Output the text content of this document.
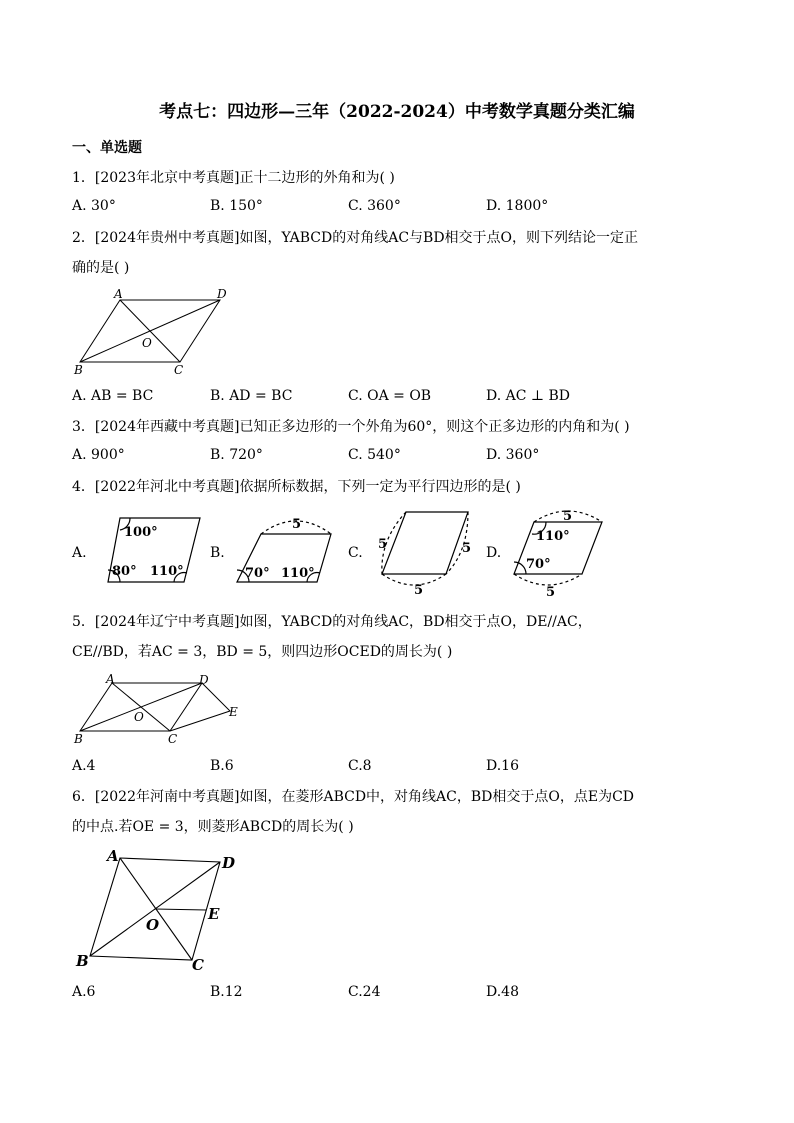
考点七：四边形—三年（2022-2024）中考数学真题分类汇编
一、单选题
1．[2023年北京中考真题]正十二边形的外角和为( )
A. 30°	B. 150°	C. 360°	D. 1800°
2．[2024年贵州中考真题]如图，YABCD的对角线AC与BD相交于点O，则下列结论一定正
确的是( )
A	D
O
B	C
A. AB = BC	B. AD = BC	C. OA = OB	D. AC ⊥ BD
3．[2024年西藏中考真题]已知正多边形的一个外角为60°，则这个正多边形的内角和为( )
A. 900°	B. 720°	C. 540°	D. 360°
4．[2022年河北中考真题]依据所标数据，下列一定为平行四边形的是( )
A.
100°
80° 110°
B.
5
70° 110°
C.
5	5
5
D.
5
110°
70°
5
5．[2024年辽宁中考真题]如图，YABCD的对角线AC，BD相交于点O，DE//AC，
CE//BD，若AC = 3，BD = 5，则四边形OCED的周长为( )
A	D
O	E
B	C
A.4	B.6	C.8	D.16
6．[2022年河南中考真题]如图，在菱形ABCD中，对角线AC，BD相交于点O，点E为CD
的中点.若OE = 3，则菱形ABCD的周长为( )
A	D
E
O
B	C
A.6	B.12	C.24	D.48
